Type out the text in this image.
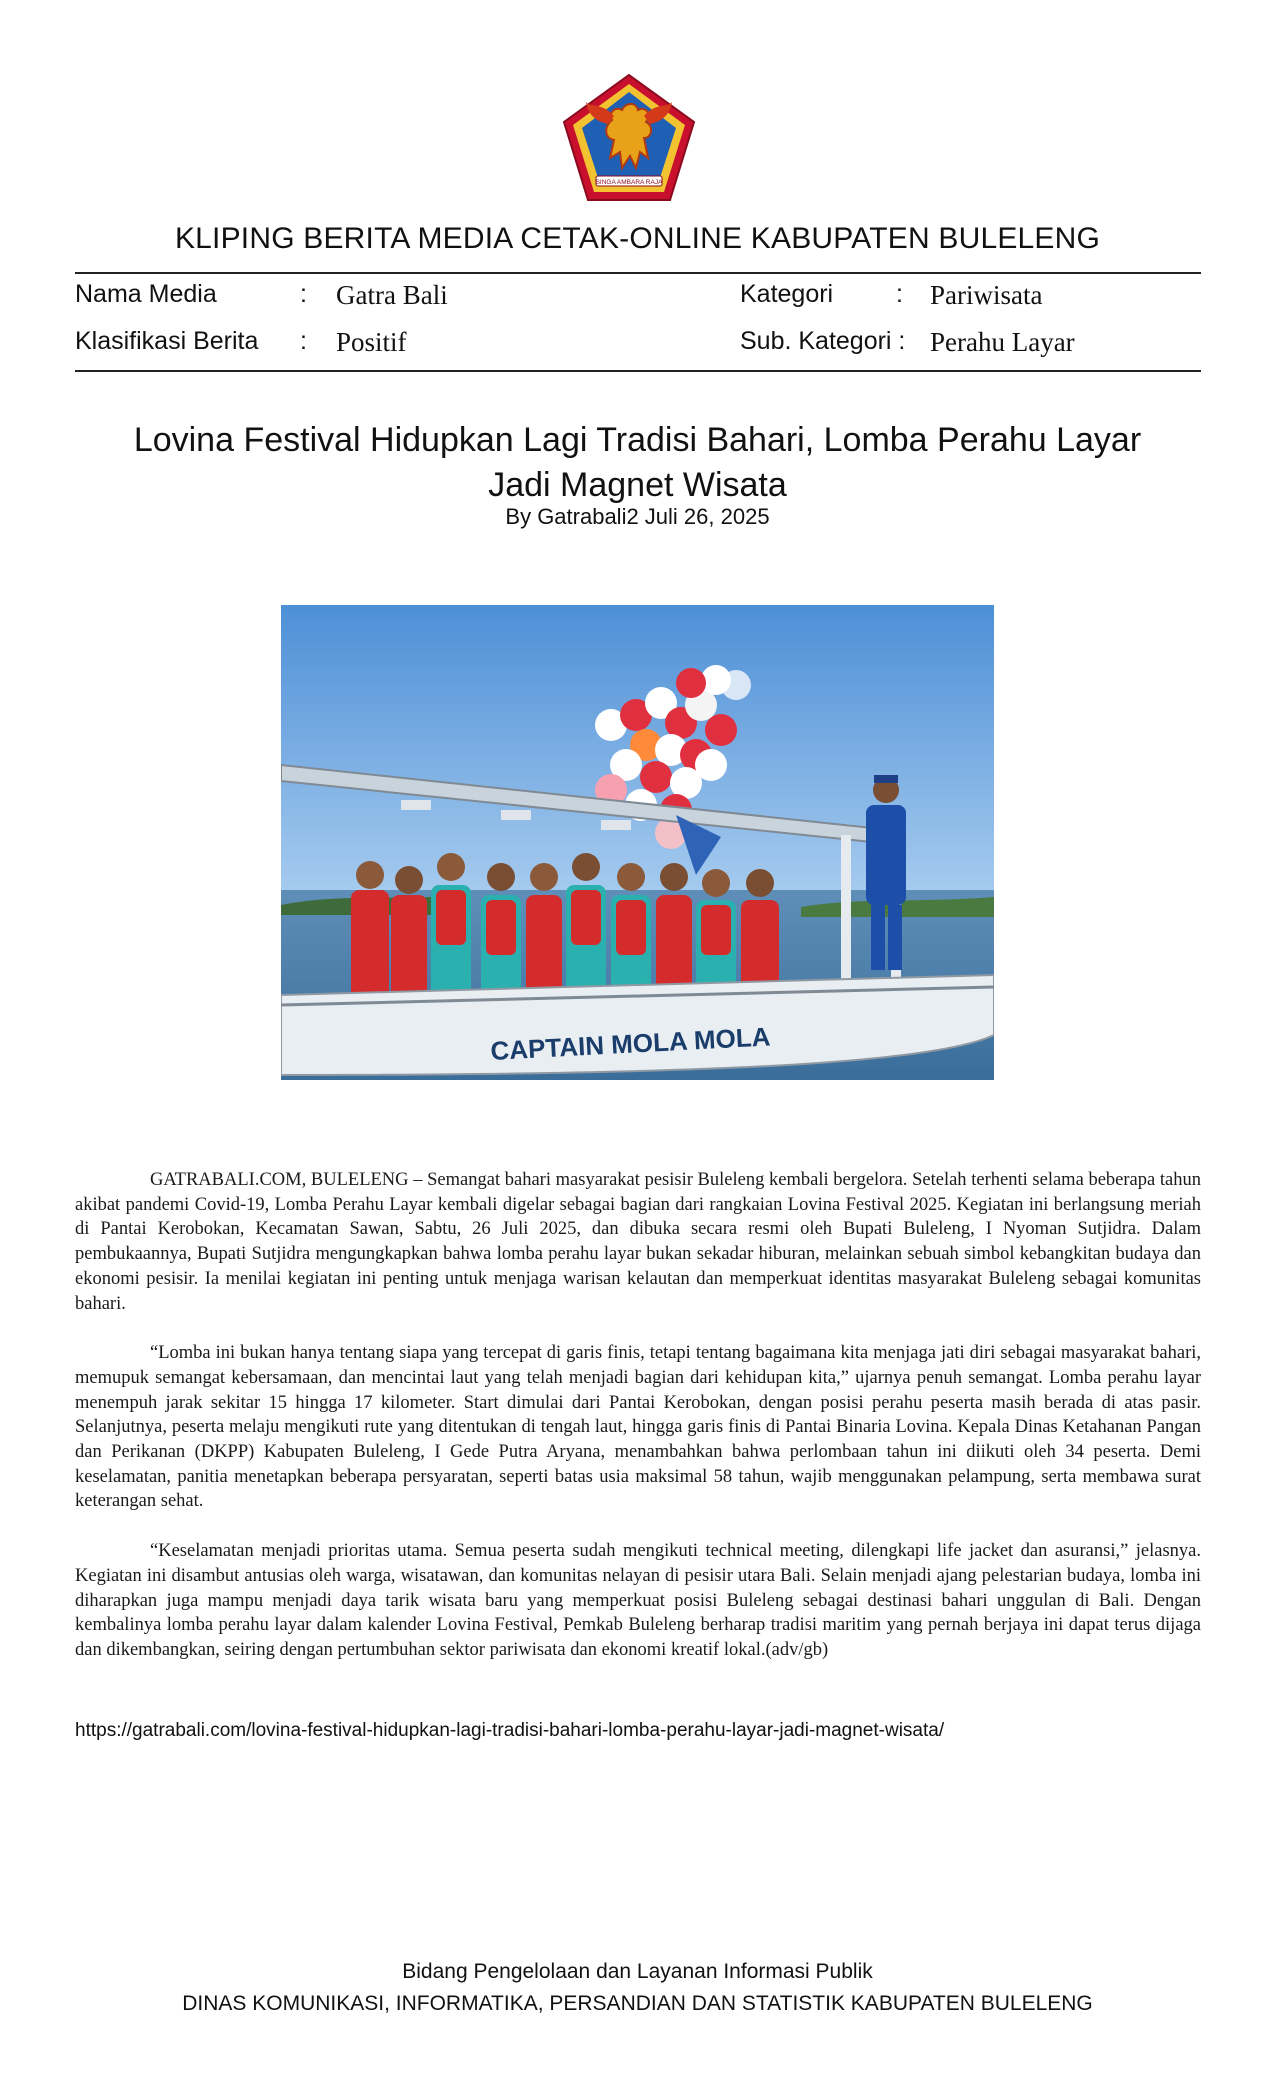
SINGA AMBARA RAJA
KLIPING BERITA MEDIA CETAK-ONLINE KABUPATEN BULELENG
Nama Media	: Gatra Bali	Kategori	: Pariwisata
Klasifikasi Berita : Positif	Sub. Kategori : Perahu Layar
Lovina Festival Hidupkan Lagi Tradisi Bahari, Lomba Perahu Layar
Jadi Magnet Wisata
By Gatrabali2 Juli 26, 2025
CAPTAIN MOLA MOLA

GATRABALI.COM, BULELENG – Semangat bahari masyarakat pesisir Buleleng kembali bergelora. Setelah terhenti selama beberapa tahun akibat pandemi Covid-19, Lomba Perahu Layar kembali digelar sebagai bagian dari rangkaian Lovina Festival 2025. Kegiatan ini berlangsung meriah di Pantai Kerobokan, Kecamatan Sawan, Sabtu, 26 Juli 2025, dan dibuka secara resmi oleh Bupati Buleleng, I Nyoman Sutjidra. Dalam pembukaannya, Bupati Sutjidra mengungkapkan bahwa lomba perahu layar bukan sekadar hiburan, melainkan sebuah simbol kebangkitan budaya dan ekonomi pesisir. Ia menilai kegiatan ini penting untuk menjaga warisan kelautan dan memperkuat identitas masyarakat Buleleng sebagai komunitas bahari.

“Lomba ini bukan hanya tentang siapa yang tercepat di garis finis, tetapi tentang bagaimana kita menjaga jati diri sebagai masyarakat bahari, memupuk semangat kebersamaan, dan mencintai laut yang telah menjadi bagian dari kehidupan kita,” ujarnya penuh semangat. Lomba perahu layar menempuh jarak sekitar 15 hingga 17 kilometer. Start dimulai dari Pantai Kerobokan, dengan posisi perahu peserta masih berada di atas pasir. Selanjutnya, peserta melaju mengikuti rute yang ditentukan di tengah laut, hingga garis finis di Pantai Binaria Lovina. Kepala Dinas Ketahanan Pangan dan Perikanan (DKPP) Kabupaten Buleleng, I Gede Putra Aryana, menambahkan bahwa perlombaan tahun ini diikuti oleh 34 peserta. Demi keselamatan, panitia menetapkan beberapa persyaratan, seperti batas usia maksimal 58 tahun, wajib menggunakan pelampung, serta membawa surat keterangan sehat.

“Keselamatan menjadi prioritas utama. Semua peserta sudah mengikuti technical meeting, dilengkapi life jacket dan asuransi,” jelasnya. Kegiatan ini disambut antusias oleh warga, wisatawan, dan komunitas nelayan di pesisir utara Bali. Selain menjadi ajang pelestarian budaya, lomba ini diharapkan juga mampu menjadi daya tarik wisata baru yang memperkuat posisi Buleleng sebagai destinasi bahari unggulan di Bali. Dengan kembalinya lomba perahu layar dalam kalender Lovina Festival, Pemkab Buleleng berharap tradisi maritim yang pernah berjaya ini dapat terus dijaga dan dikembangkan, seiring dengan pertumbuhan sektor pariwisata dan ekonomi kreatif lokal.(adv/gb)

https://gatrabali.com/lovina-festival-hidupkan-lagi-tradisi-bahari-lomba-perahu-layar-jadi-magnet-wisata/
Bidang Pengelolaan dan Layanan Informasi Publik
DINAS KOMUNIKASI, INFORMATIKA, PERSANDIAN DAN STATISTIK KABUPATEN BULELENG
